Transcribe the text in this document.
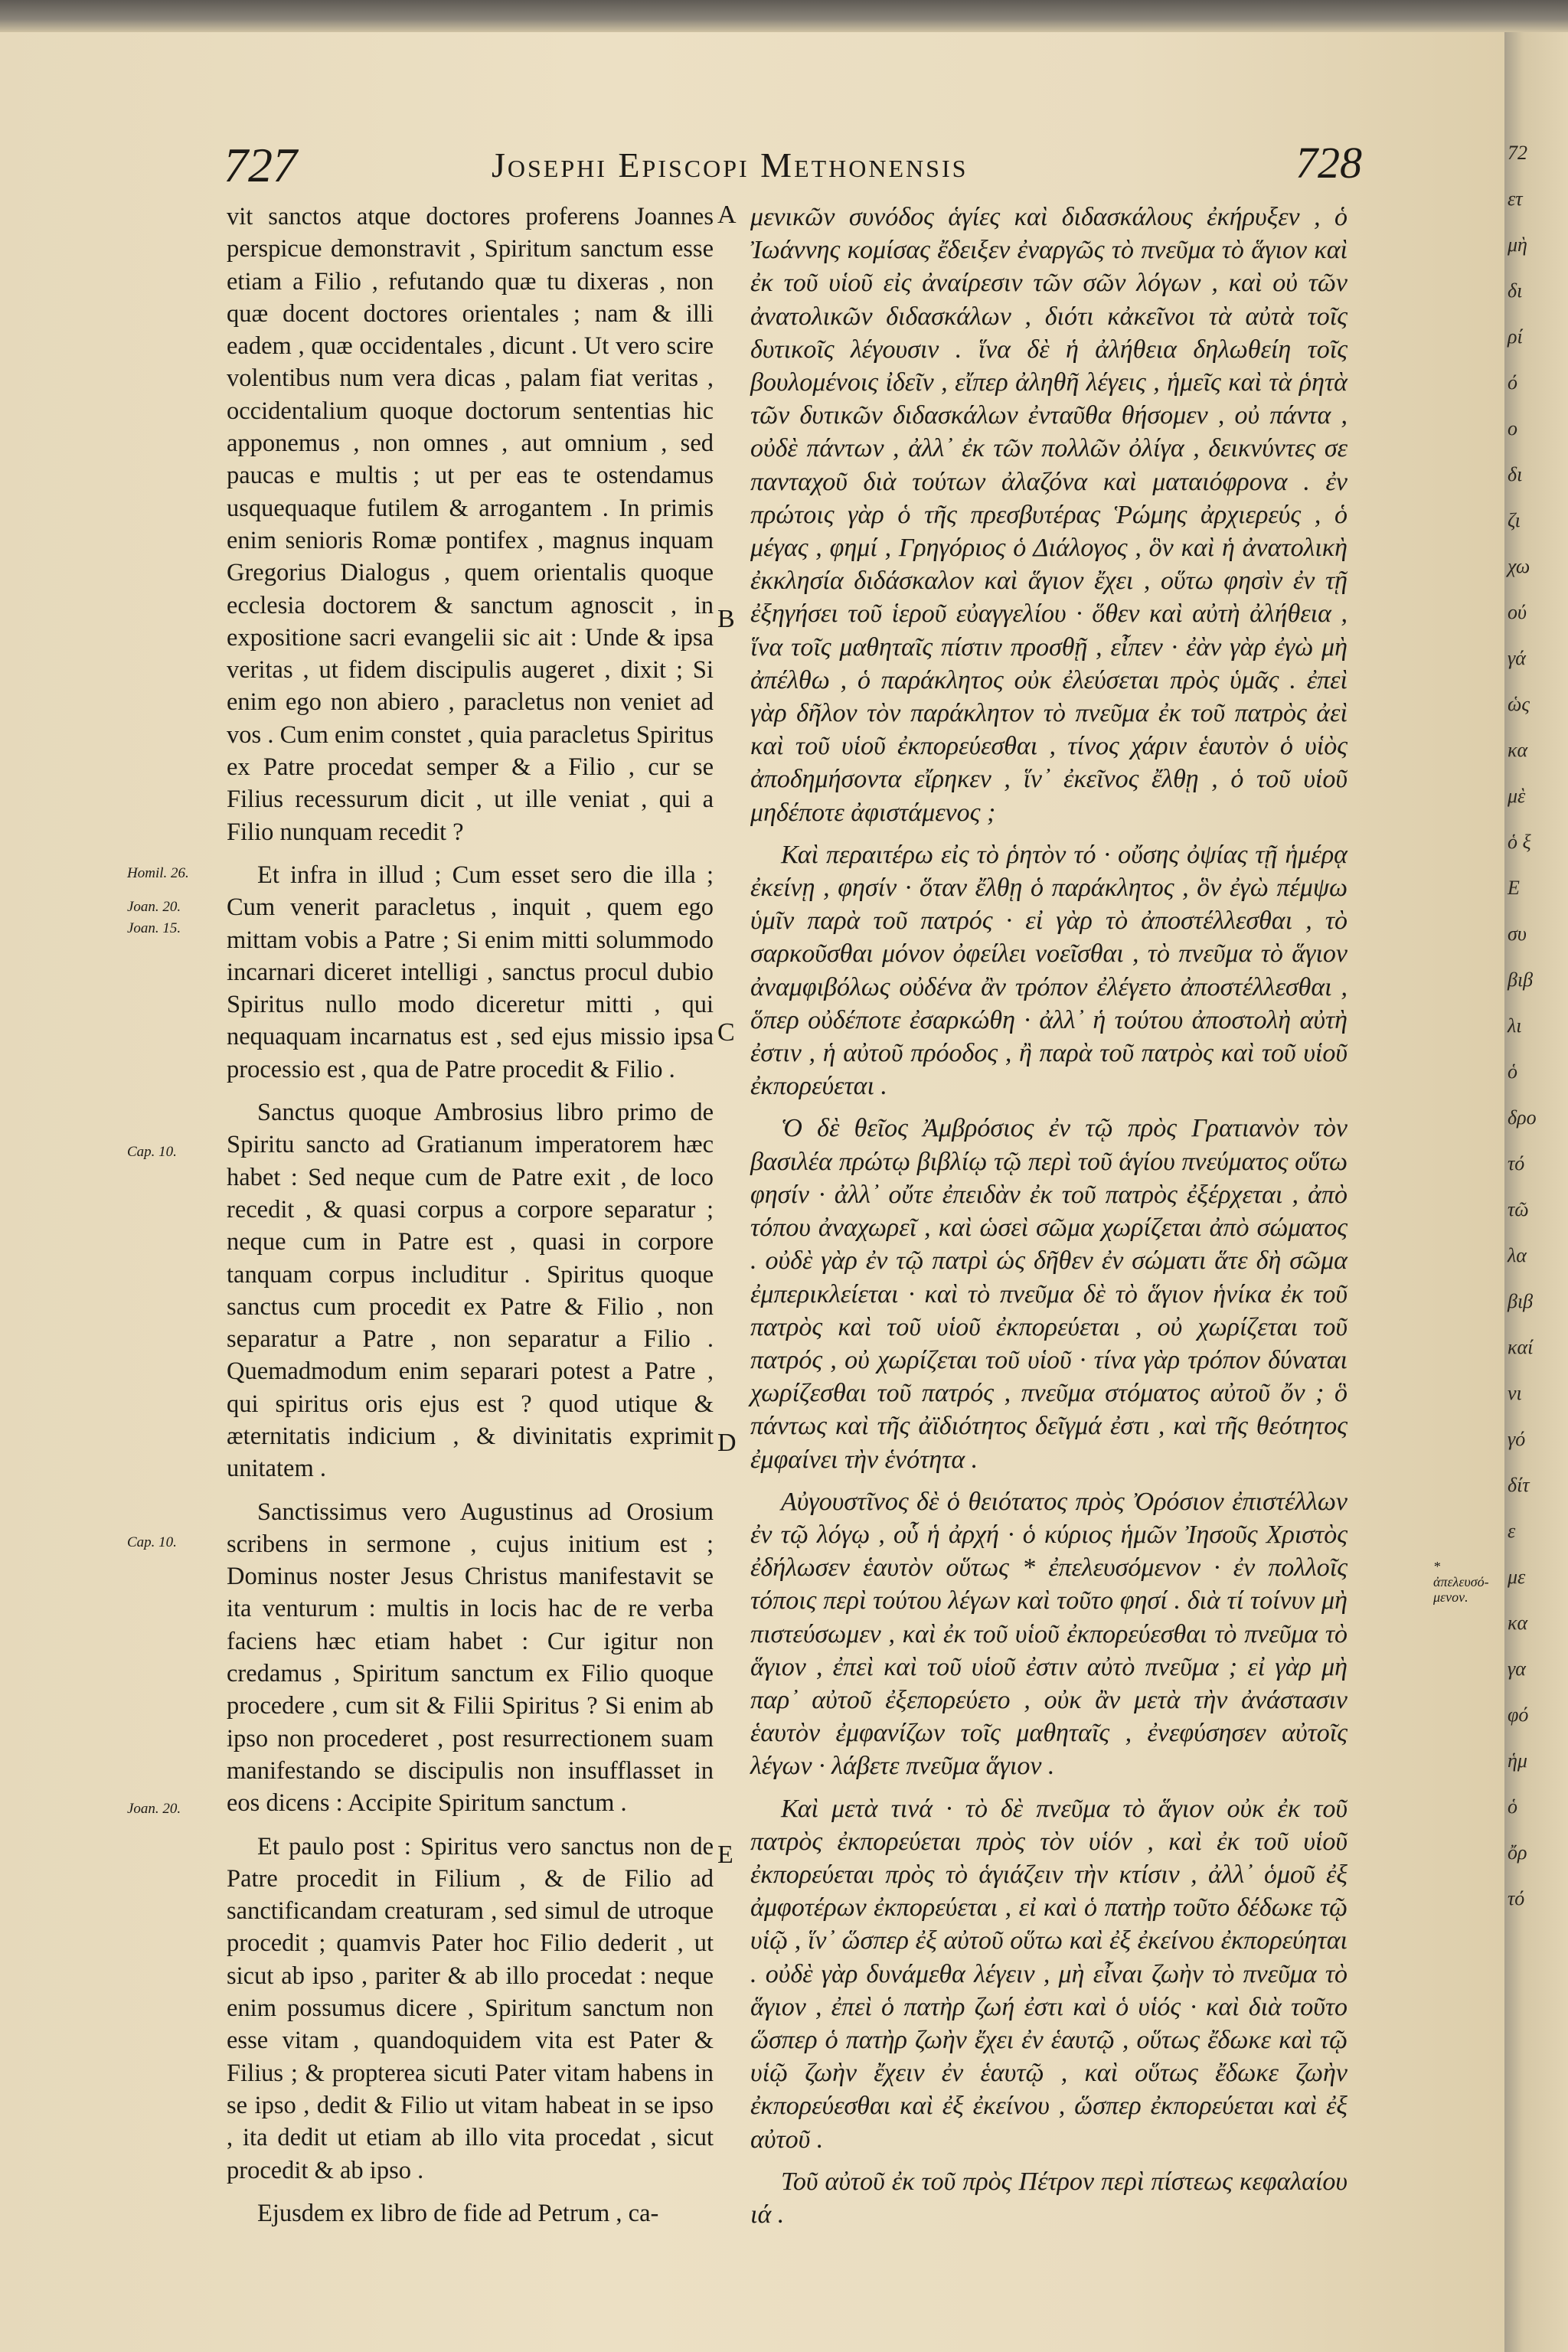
727	Josephi Episcopi Methonensis	728
Homil. 26.
Joan. 20.
Joan. 15.
Cap. 10.
Cap. 10.
Joan. 20.
A
B
C
D
E

vit sanctos atque doctores proferens Joannes perspicue demonstravit , Spiritum sanctum esse etiam a Filio , refutando quæ tu dixeras , non quæ docent doctores orientales ; nam & illi eadem , quæ occidentales , dicunt . Ut vero scire volentibus num vera dicas , palam fiat veritas , occidentalium quoque doctorum sententias hic apponemus , non omnes , aut omnium , sed paucas e multis ; ut per eas te ostendamus usquequaque futilem & arrogantem . In primis enim senioris Romæ pontifex , magnus inquam Gregorius Dialogus , quem orientalis quoque ecclesia doctorem & sanctum agnoscit , in expositione sacri evangelii sic ait : Unde & ipsa veritas , ut fidem discipulis augeret , dixit ; Si enim ego non abiero , paracletus non veniet ad vos . Cum enim constet , quia paracletus Spiritus ex Patre procedat semper & a Filio , cur se Filius recessurum dicit , ut ille veniat , qui a Filio nunquam recedit ?

Et infra in illud ; Cum esset sero die illa ; Cum venerit paracletus , inquit , quem ego mittam vobis a Patre ; Si enim mitti solummodo incarnari diceret intelligi , sanctus procul dubio Spiritus nullo modo diceretur mitti , qui nequaquam incarnatus est , sed ejus missio ipsa processio est , qua de Patre procedit & Filio .

Sanctus quoque Ambrosius libro primo de Spiritu sancto ad Gratianum imperatorem hæc habet : Sed neque cum de Patre exit , de loco recedit , & quasi corpus a corpore separatur ; neque cum in Patre est , quasi in corpore tanquam corpus includitur . Spiritus quoque sanctus cum procedit ex Patre & Filio , non separatur a Patre , non separatur a Filio . Quemadmodum enim separari potest a Patre , qui spiritus oris ejus est ? quod utique & æternitatis indicium , & divinitatis exprimit unitatem .

Sanctissimus vero Augustinus ad Orosium scribens in sermone , cujus initium est ; Dominus noster Jesus Christus manifestavit se ita venturum : multis in locis hac de re verba faciens hæc etiam habet : Cur igitur non credamus , Spiritum sanctum ex Filio quoque procedere , cum sit & Filii Spiritus ? Si enim ab ipso non procederet , post resurrectionem suam manifestando se discipulis non insufflasset in eos dicens : Accipite Spiritum sanctum .

Et paulo post : Spiritus vero sanctus non de Patre procedit in Filium , & de Filio ad sanctificandam creaturam , sed simul de utroque procedit ; quamvis Pater hoc Filio dederit , ut sicut ab ipso , pariter & ab illo procedat : neque enim possumus dicere , Spiritum sanctum non esse vitam , quandoquidem vita est Pater & Filius ; & propterea sicuti Pater vitam habens in se ipso , dedit & Filio ut vitam habeat in se ipso , ita dedit ut etiam ab illo vita procedat , sicut procedit & ab ipso .

Ejusdem ex libro de fide ad Petrum , ca-

μενικῶν συνόδος ἁγίες καὶ διδασκάλους ἐκήρυξεν , ὁ Ἰωάννης κομίσας ἔδειξεν ἐναργῶς τὸ πνεῦμα τὸ ἅγιον καὶ ἐκ τοῦ υἱοῦ εἰς ἀναίρεσιν τῶν σῶν λόγων , καὶ οὐ τῶν ἀνατολικῶν διδασκάλων , διότι κἀκεῖνοι τὰ αὐτὰ τοῖς δυτικοῖς λέγουσιν . ἵνα δὲ ἡ ἀλήθεια δηλωθείη τοῖς βουλομένοις ἰδεῖν , εἴπερ ἀληθῆ λέγεις , ἡμεῖς καὶ τὰ ῥητὰ τῶν δυτικῶν διδασκάλων ἐνταῦθα θήσομεν , οὐ πάντα , οὐδὲ πάντων , ἀλλ᾽ ἐκ τῶν πολλῶν ὀλίγα , δεικνύντες σε πανταχοῦ διὰ τούτων ἀλαζόνα καὶ ματαιόφρονα . ἐν πρώτοις γὰρ ὁ τῆς πρεσβυτέρας Ῥώμης ἀρχιερεύς , ὁ μέγας , φημί , Γρηγόριος ὁ Διάλογος , ὃν καὶ ἡ ἀνατολικὴ ἐκκλησία διδάσκαλον καὶ ἅγιον ἔχει , οὕτω φησὶν ἐν τῇ ἐξηγήσει τοῦ ἱεροῦ εὐαγγελίου · ὅθεν καὶ αὐτὴ ἀλήθεια , ἵνα τοῖς μαθηταῖς πίστιν προσθῇ , εἶπεν · ἐὰν γὰρ ἐγὼ μὴ ἀπέλθω , ὁ παράκλητος οὐκ ἐλεύσεται πρὸς ὑμᾶς . ἐπεὶ γὰρ δῆλον τὸν παράκλητον τὸ πνεῦμα ἐκ τοῦ πατρὸς ἀεὶ καὶ τοῦ υἱοῦ ἐκπορεύεσθαι , τίνος χάριν ἑαυτὸν ὁ υἱὸς ἀποδημήσοντα εἴρηκεν , ἵν᾽ ἐκεῖνος ἔλθῃ , ὁ τοῦ υἱοῦ μηδέποτε ἀφιστάμενος ;

Καὶ περαιτέρω εἰς τὸ ῥητὸν τό · οὔσης ὀψίας τῇ ἡμέρᾳ ἐκείνῃ , φησίν · ὅταν ἔλθῃ ὁ παράκλητος , ὃν ἐγὼ πέμψω ὑμῖν παρὰ τοῦ πατρός · εἰ γὰρ τὸ ἀποστέλλεσθαι , τὸ σαρκοῦσθαι μόνον ὀφείλει νοεῖσθαι , τὸ πνεῦμα τὸ ἅγιον ἀναμφιβόλως οὐδένα ἂν τρόπον ἐλέγετο ἀποστέλλεσθαι , ὅπερ οὐδέποτε ἐσαρκώθη · ἀλλ᾽ ἡ τούτου ἀποστολὴ αὐτὴ ἐστιν , ἡ αὐτοῦ πρόοδος , ἢ παρὰ τοῦ πατρὸς καὶ τοῦ υἱοῦ ἐκπορεύεται .

Ὁ δὲ θεῖος Ἀμβρόσιος ἐν τῷ πρὸς Γρατιανὸν τὸν βασιλέα πρώτῳ βιβλίῳ τῷ περὶ τοῦ ἁγίου πνεύματος οὕτω φησίν · ἀλλ᾽ οὔτε ἐπειδὰν ἐκ τοῦ πατρὸς ἐξέρχεται , ἀπὸ τόπου ἀναχωρεῖ , καὶ ὡσεὶ σῶμα χωρίζεται ἀπὸ σώματος . οὐδὲ γὰρ ἐν τῷ πατρὶ ὡς δῆθεν ἐν σώματι ἅτε δὴ σῶμα ἐμπερικλείεται · καὶ τὸ πνεῦμα δὲ τὸ ἅγιον ἡνίκα ἐκ τοῦ πατρὸς καὶ τοῦ υἱοῦ ἐκπορεύεται , οὐ χωρίζεται τοῦ πατρός , οὐ χωρίζεται τοῦ υἱοῦ · τίνα γὰρ τρόπον δύναται χωρίζεσθαι τοῦ πατρός , πνεῦμα στόματος αὐτοῦ ὄν ; ὃ πάντως καὶ τῆς ἀϊδιότητος δεῖγμά ἐστι , καὶ τῆς θεότητος ἐμφαίνει τὴν ἑνότητα .

Αὐγουστῖνος δὲ ὁ θειότατος πρὸς Ὀρόσιον ἐπιστέλλων ἐν τῷ λόγῳ , οὗ ἡ ἀρχή · ὁ κύριος ἡμῶν Ἰησοῦς Χριστὸς ἐδήλωσεν ἑαυτὸν οὕτως * ἐπελευσόμενον · ἐν πολλοῖς τόποις περὶ τούτου λέγων καὶ τοῦτο φησί . διὰ τί τοίνυν μὴ πιστεύσωμεν , καὶ ἐκ τοῦ υἱοῦ ἐκπορεύεσθαι τὸ πνεῦμα τὸ ἅγιον , ἐπεὶ καὶ τοῦ υἱοῦ ἐστιν αὐτὸ πνεῦμα ; εἰ γὰρ μὴ παρ᾽ αὐτοῦ ἐξεπορεύετο , οὐκ ἂν μετὰ τὴν ἀνάστασιν ἑαυτὸν ἐμφανίζων τοῖς μαθηταῖς , ἐνεφύσησεν αὐτοῖς λέγων · λάβετε πνεῦμα ἅγιον .

Καὶ μετὰ τινά · τὸ δὲ πνεῦμα τὸ ἅγιον οὐκ ἐκ τοῦ πατρὸς ἐκπορεύεται πρὸς τὸν υἱόν , καὶ ἐκ τοῦ υἱοῦ ἐκπορεύεται πρὸς τὸ ἁγιάζειν τὴν κτίσιν , ἀλλ᾽ ὁμοῦ ἐξ ἀμφοτέρων ἐκπορεύεται , εἰ καὶ ὁ πατὴρ τοῦτο δέδωκε τῷ υἱῷ , ἵν᾽ ὥσπερ ἐξ αὐτοῦ οὕτω καὶ ἐξ ἐκείνου ἐκπορεύηται . οὐδὲ γὰρ δυνάμεθα λέγειν , μὴ εἶναι ζωὴν τὸ πνεῦμα τὸ ἅγιον , ἐπεὶ ὁ πατὴρ ζωή ἐστι καὶ ὁ υἱός · καὶ διὰ τοῦτο ὥσπερ ὁ πατὴρ ζωὴν ἔχει ἐν ἑαυτῷ , οὕτως ἔδωκε καὶ τῷ υἱῷ ζωὴν ἔχειν ἐν ἑαυτῷ , καὶ οὕτως ἔδωκε ζωὴν ἐκπορεύεσθαι καὶ ἐξ ἐκείνου , ὥσπερ ἐκπορεύεται καὶ ἐξ αὐτοῦ .

Τοῦ αὐτοῦ ἐκ τοῦ πρὸς Πέτρον περὶ πίστεως κεφαλαίου ιά .

* ἀπελευσό-μενον.
72
ετ
μὴ
δι
ρί
ό
ο
δι
ζι
χω
ού
γά
ὡς
κα
μὲ
ὁ ξ
Ε
συ
βιβ
λι
ὁ
δρο
τό
τῶ
λα
βιβ
καί
νι
γό
δίτ
ε
με
κα
γα
φό
ἡμ
ὁ
ὄρ
τό
